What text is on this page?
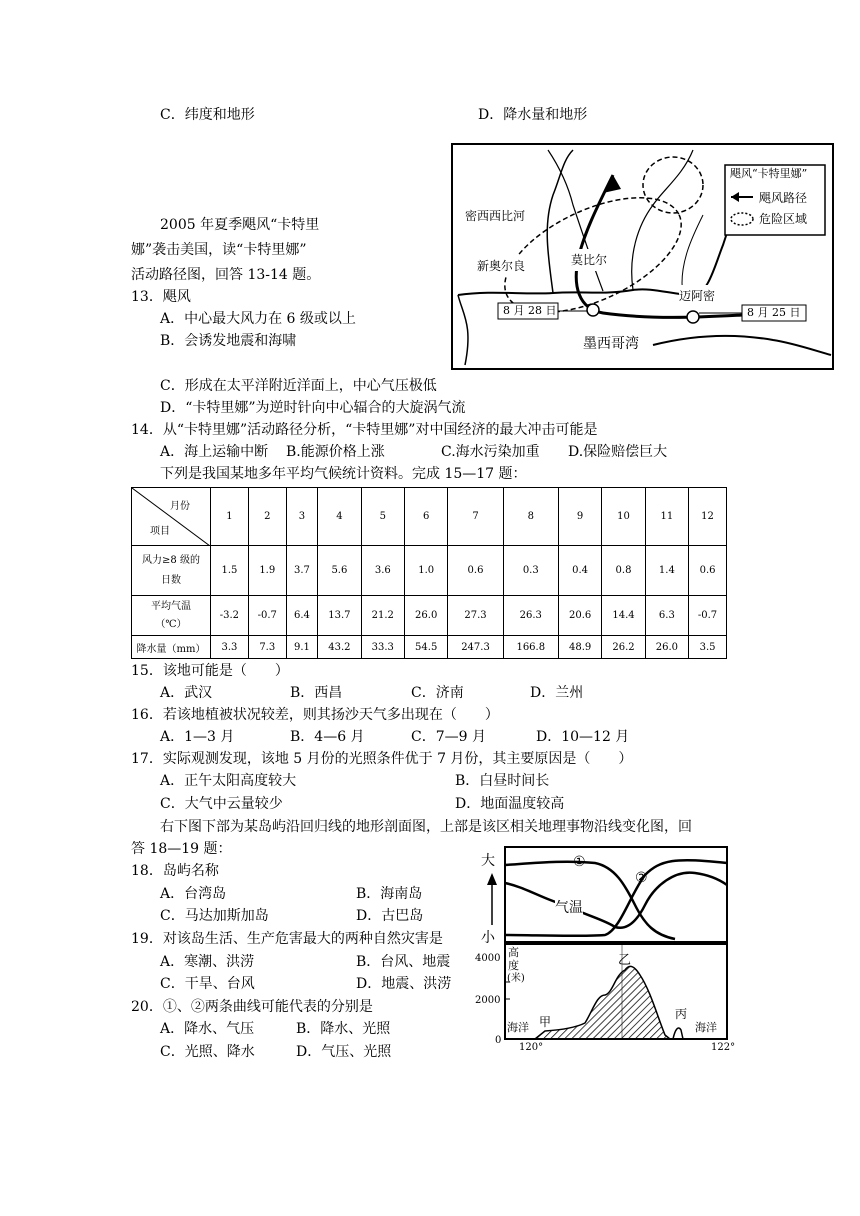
C．纬度和地形	D．降水量和地形
2005 年夏季飓风“卡特里
娜”袭击美国，读“卡特里娜”
活动路径图，回答 13-14 题。
13．飓风
A．中心最大风力在 6 级或以上
B．会诱发地震和海啸
C．形成在太平洋附近洋面上，中心气压极低
D．“卡特里娜”为逆时针向中心辐合的大旋涡气流
14．从“卡特里娜”活动路径分析，“卡特里娜”对中国经济的最大冲击可能是
A．海上运输中断 B.能源价格上涨	C.海水污染加重 D.保险赔偿巨大
下列是我国某地多年平均气候统计资料。完成 15—17 题：
飓风“卡特里娜”
飓风路径
危险区域
密西西比河
新奥尔良	莫比尔
迈阿密
8 月 28 日	8 月 25 日
墨西哥湾
月份
项目	1	2	3	4	5	6	7	8	9	10	11	12

风力≥8 级的
日数	1.5	1.9	3.7	5.6	3.6	1.0	0.6	0.3	0.4	0.8	1.4	0.6

平均气温
（℃）	-3.2	-0.7	6.4	13.7	21.2	26.0	27.3	26.3	20.6	14.4	6.3	-0.7
降水量（mm）	3.3	7.3	9.1	43.2	33.3	54.5	247.3	166.8	48.9	26.2	26.0	3.5
15．该地可能是（　　）
A．武汉	B．西昌	C．济南	D．兰州
16．若该地植被状况较差，则其扬沙天气多出现在（　　）
A．1—3 月	B．4—6 月	C．7—9 月	D．10—12 月
17．实际观测发现，该地 5 月份的光照条件优于 7 月份，其主要原因是（　　）
A．正午太阳高度较大	B．白昼时间长
C．大气中云量较少	D．地面温度较高
右下图下部为某岛屿沿回归线的地形剖面图，上部是该区相关地理事物沿线变化图，回
答 18—19 题：
18．岛屿名称
A．台湾岛	B．海南岛
C．马达加斯加岛	D．古巴岛
19．对该岛生活、生产危害最大的两种自然灾害是
A．寒潮、洪涝	B．台风、地震
C．干旱、台风	D．地震、洪涝
20．①、②两条曲线可能代表的分别是
A．降水、气压	B．降水、光照
C．光照、降水	D．气压、光照
大
小
①
②
气温
4000
2000
0
高
度
(米)
海洋	海洋
甲
乙
丙
120°	122°
